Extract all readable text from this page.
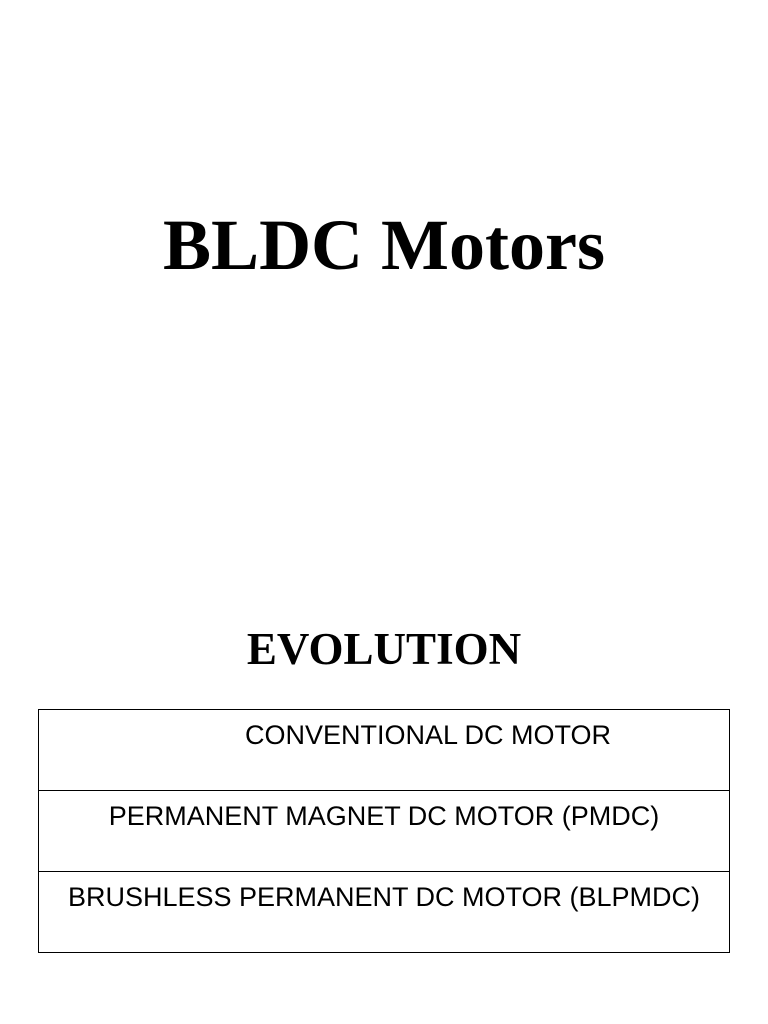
BLDC Motors
EVOLUTION
CONVENTIONAL DC MOTOR

PERMANENT MAGNET DC MOTOR (PMDC)

BRUSHLESS PERMANENT DC MOTOR (BLPMDC)
